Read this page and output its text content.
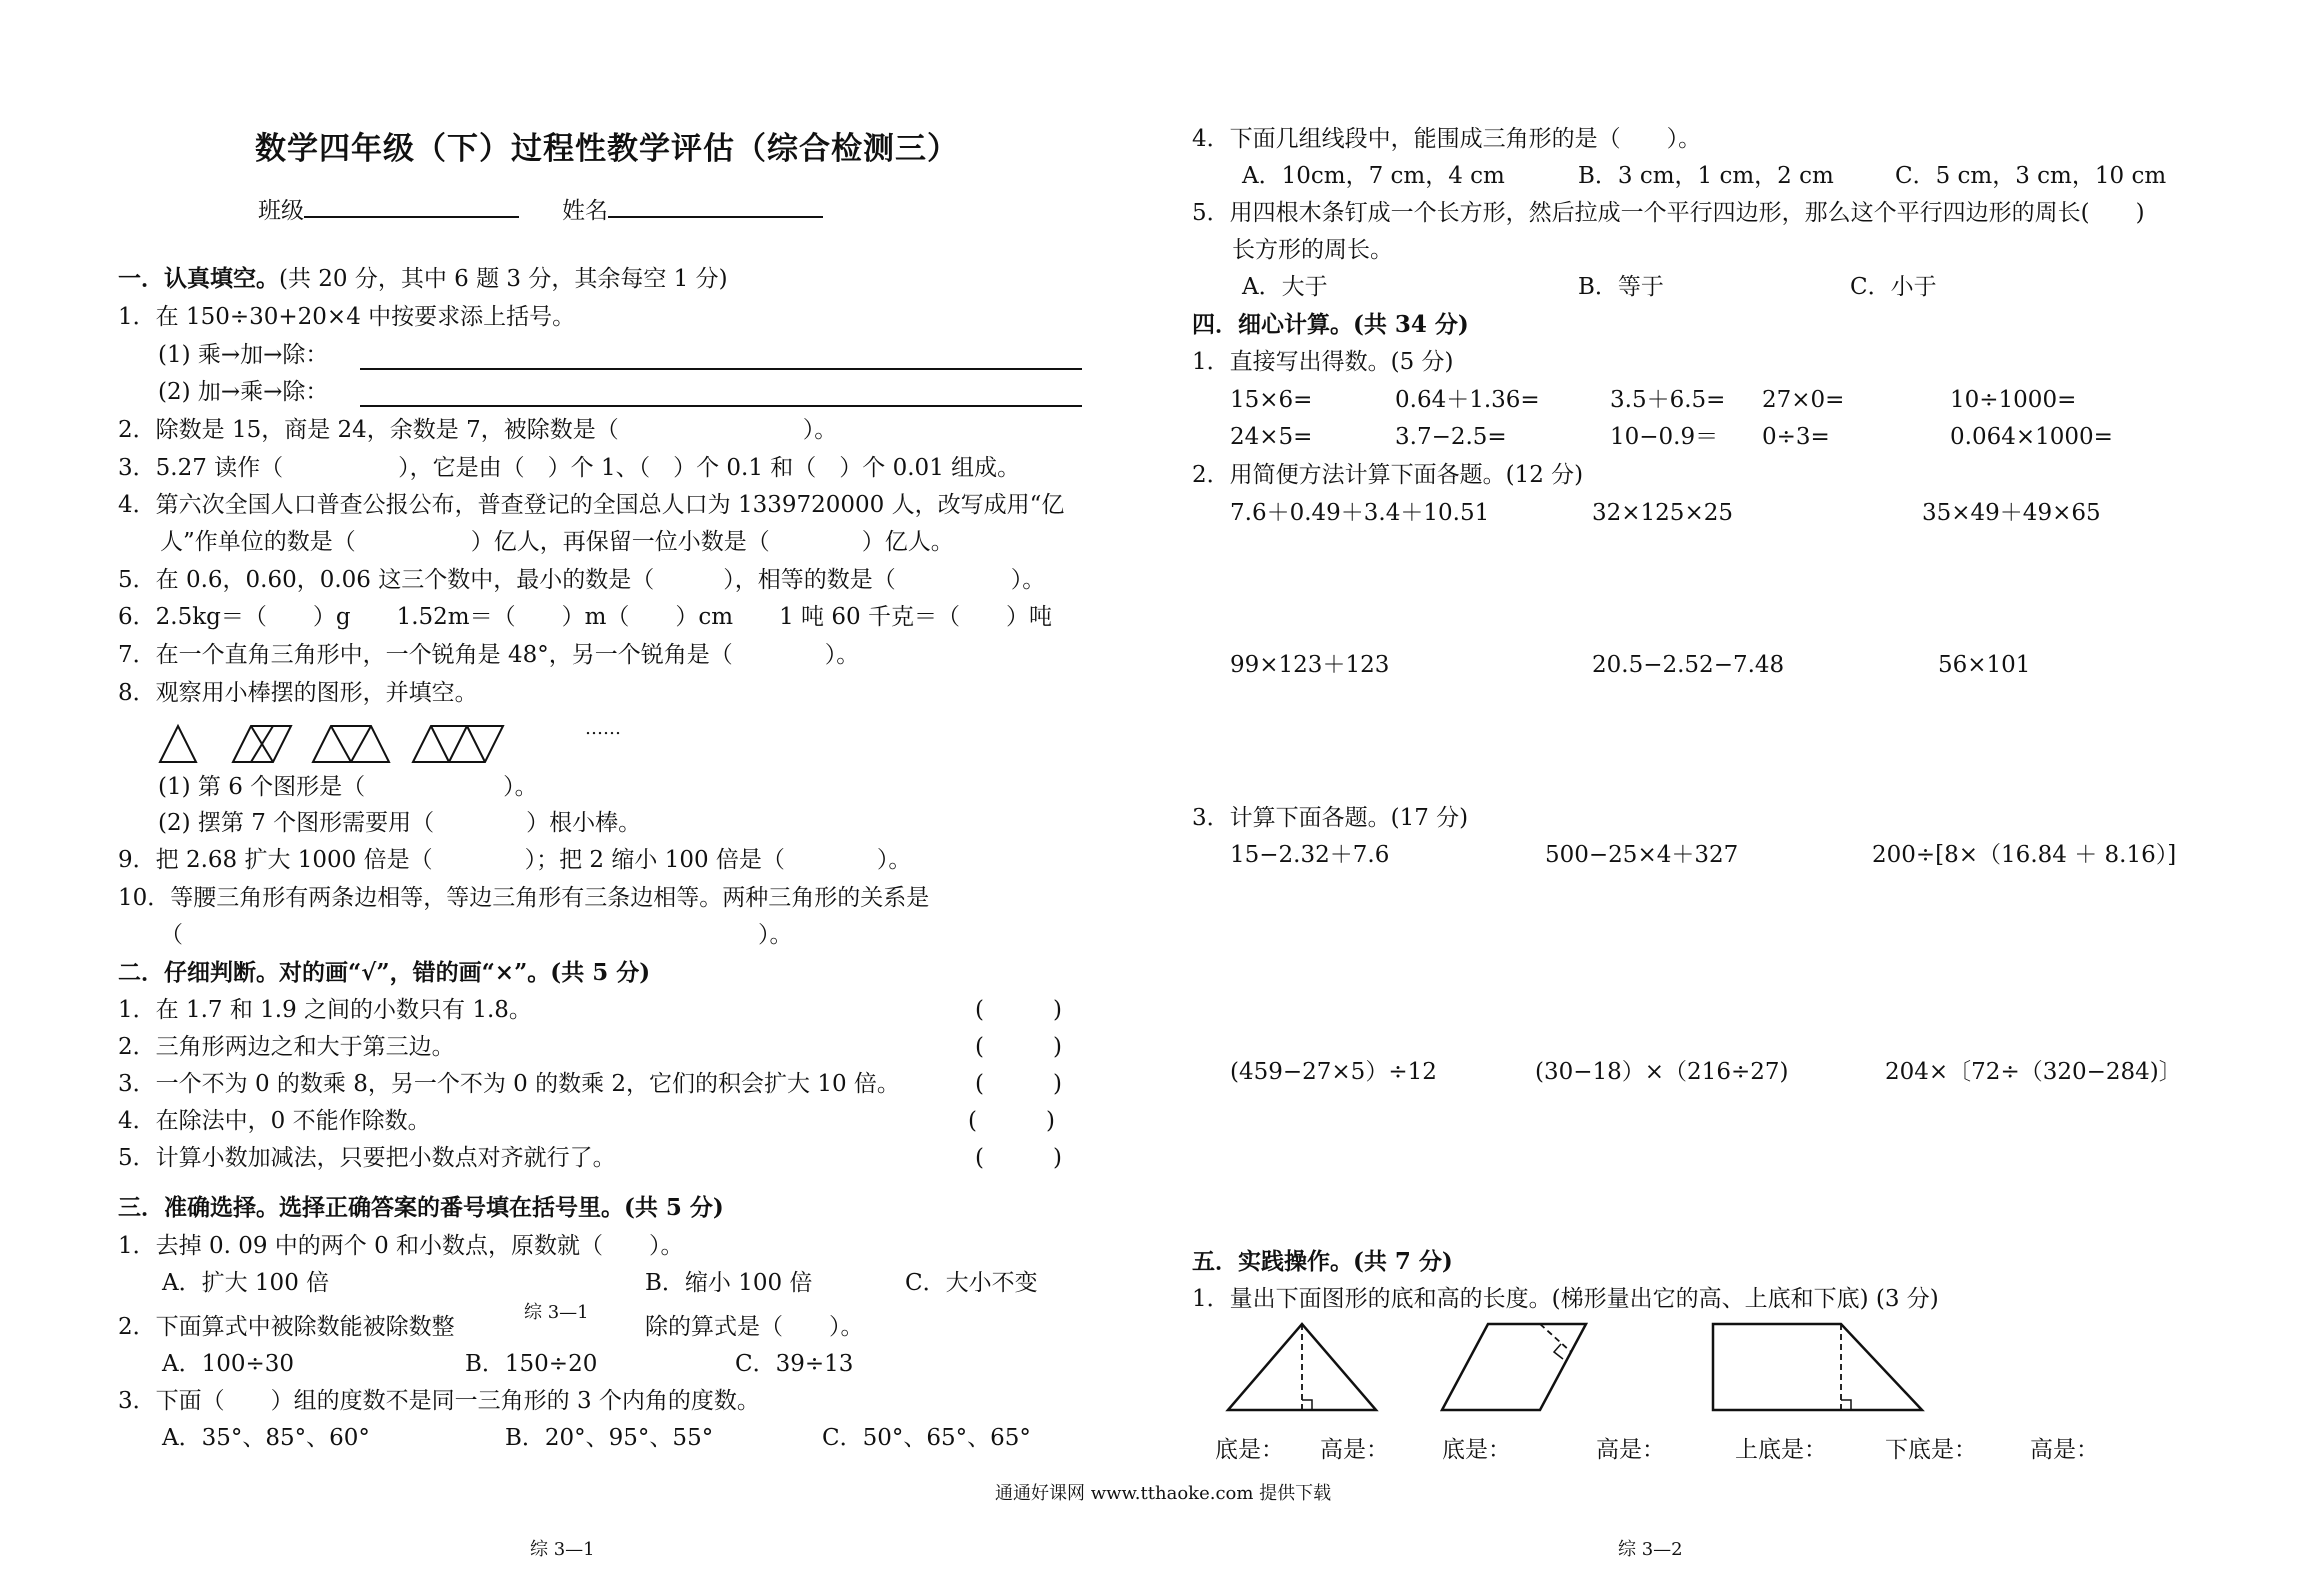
数学四年级（下）过程性教学评估（综合检测三）
班级	姓名
一．认真填空。(共 20 分，其中 6 题 3 分，其余每空 1 分)
1．在 150÷30+20×4 中按要求添上括号。
(1) 乘→加→除：
(2) 加→乘→除：
2．除数是 15，商是 24，余数是 7，被除数是（　　　　　　　　）。
3．5.27 读作（　　　　　），它是由（　）个 1、（　）个 0.1 和（　）个 0.01 组成。
4．第六次全国人口普查公报公布，普查登记的全国总人口为 1339720000 人，改写成用“亿
人”作单位的数是（　　　　　）亿人，再保留一位小数是（　　　　）亿人。
5．在 0.6，0.60，0.06 这三个数中，最小的数是（　　　），相等的数是（　　　　　）。
6．2.5kg＝（　　）g　　1.52m＝（　　）m（　　）cm　　1 吨 60 千克＝（　　）吨
7．在一个直角三角形中，一个锐角是 48°，另一个锐角是（　　　　）。
8．观察用小棒摆的图形，并填空。
……
(1) 第 6 个图形是（　　　　　　）。
(2) 摆第 7 个图形需要用（　　　　）根小棒。
9．把 2.68 扩大 1000 倍是（　　　　）；把 2 缩小 100 倍是（　　　　）。
10．等腰三角形有两条边相等，等边三角形有三条边相等。两种三角形的关系是
（　　　　　　　　　　　　　　　　　　　　　　　　　）。
二．仔细判断。对的画“√”，错的画“×”。(共 5 分)
1．在 1.7 和 1.9 之间的小数只有 1.8。	(　　　)
2．三角形两边之和大于第三边。	(　　　)
3．一个不为 0 的数乘 8，另一个不为 0 的数乘 2，它们的积会扩大 10 倍。	(　　　)
4．在除法中，0 不能作除数。	(　　　)
5．计算小数加减法，只要把小数点对齐就行了。	(　　　)
三．准确选择。选择正确答案的番号填在括号里。(共 5 分)
1．去掉 0. 09 中的两个 0 和小数点，原数就（　　）。
A．扩大 100 倍	B．缩小 100 倍	C．大小不变
2．下面算式中被除数能被除数整
综 3—1
除的算式是（　　）。
A．100÷30	B．150÷20	C．39÷13
3．下面（　　）组的度数不是同一三角形的 3 个内角的度数。
A．35°、85°、60°	B．20°、95°、55°	C．50°、65°、65°
综 3—1
4．下面几组线段中，能围成三角形的是（　　）。
A．10cm，7 cm，4 cm	B．3 cm，1 cm，2 cm	C．5 cm，3 cm，10 cm
5．用四根木条钉成一个长方形，然后拉成一个平行四边形，那么这个平行四边形的周长(　　)
长方形的周长。
A．大于	B．等于	C．小于
四．细心计算。(共 34 分)
1．直接写出得数。(5 分)
15×6=	0.64＋1.36=	3.5＋6.5= 27×0=	10÷1000=
24×5=	3.7−2.5=	10−0.9＝ 0÷3=	0.064×1000=
2．用简便方法计算下面各题。(12 分)
7.6＋0.49＋3.4＋10.51	32×125×25	35×49＋49×65
99×123＋123	20.5−2.52−7.48	56×101
3．计算下面各题。(17 分)
15−2.32＋7.6	500−25×4＋327	200÷[8×（16.84 ＋ 8.16）]
(459−27×5）÷12	(30−18）×（216÷27)	204×〔72÷（320−284)〕
五．实践操作。(共 7 分)
1．量出下面图形的底和高的长度。(梯形量出它的高、上底和下底) (3 分)
底是： 高是： 底是：	高是：	上底是：	下底是： 高是：
通通好课网 www.tthaoke.com 提供下载
综 3—2
